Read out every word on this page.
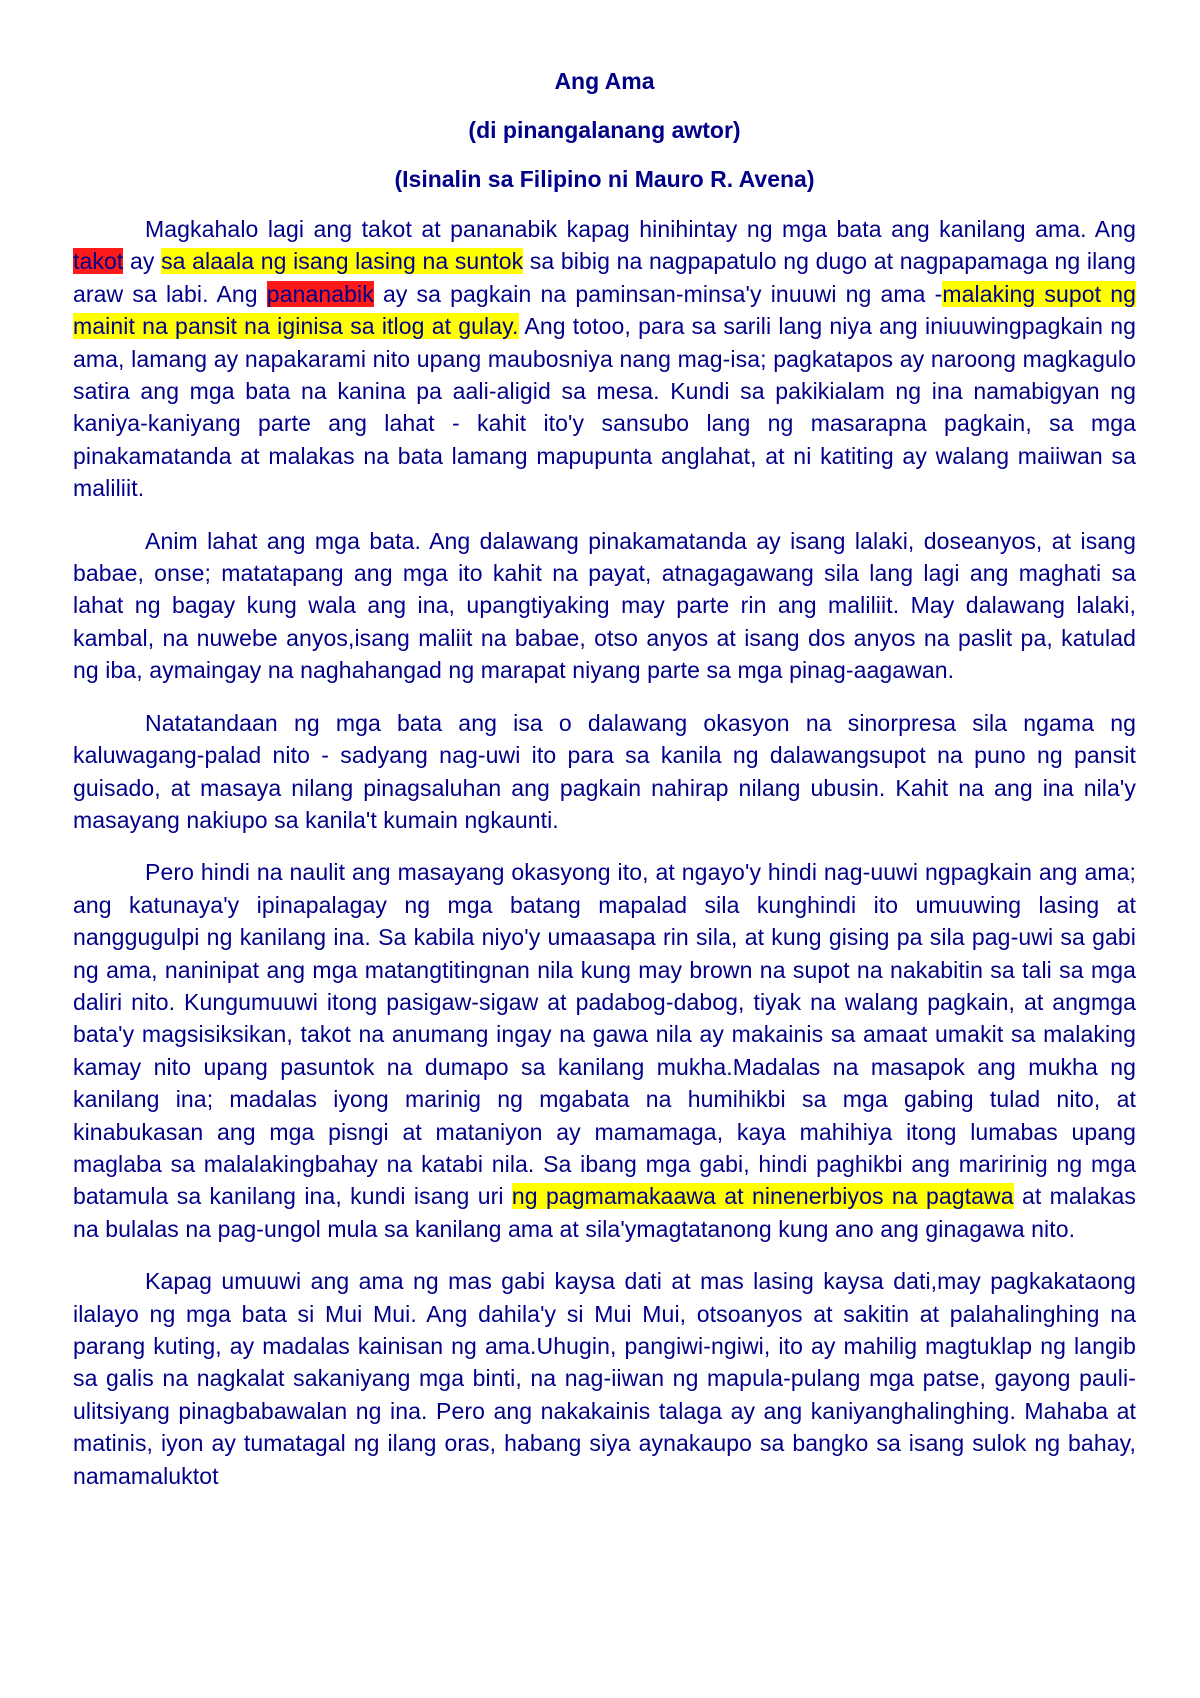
Ang Ama
(di pinangalanang awtor)
(Isinalin sa Filipino ni Mauro R. Avena)

Magkahalo lagi ang takot at pananabik kapag hinihintay ng mga bata ang kanilang ama. Ang takot ay sa alaala ng isang lasing na suntok sa bibig na nagpapatulo ng dugo at nagpapamaga ng ilang araw sa labi. Ang pananabik ay sa pagkain na paminsan-minsa'y inuuwi ng ama -malaking supot ng mainit na pansit na iginisa sa itlog at gulay. Ang totoo, para sa sarili lang niya ang iniuuwingpagkain ng ama, lamang ay napakarami nito upang maubosniya nang mag-isa; pagkatapos ay naroong magkagulo satira ang mga bata na kanina pa aali-aligid sa mesa. Kundi sa pakikialam ng ina namabigyan ng kaniya-kaniyang parte ang lahat - kahit ito'y sansubo lang ng masarapna pagkain, sa mga pinakamatanda at malakas na bata lamang mapupunta anglahat, at ni katiting ay walang maiiwan sa maliliit.

Anim lahat ang mga bata. Ang dalawang pinakamatanda ay isang lalaki, doseanyos, at isang babae, onse; matatapang ang mga ito kahit na payat, atnagagawang sila lang lagi ang maghati sa lahat ng bagay kung wala ang ina, upangtiyaking may parte rin ang maliliit. May dalawang lalaki, kambal, na nuwebe anyos,isang maliit na babae, otso anyos at isang dos anyos na paslit pa, katulad ng iba, aymaingay na naghahangad ng marapat niyang parte sa mga pinag-aagawan.

Natatandaan ng mga bata ang isa o dalawang okasyon na sinorpresa sila ngama ng kaluwagang-palad nito - sadyang nag-uwi ito para sa kanila ng dalawangsupot na puno ng pansit guisado, at masaya nilang pinagsaluhan ang pagkain nahirap nilang ubusin. Kahit na ang ina nila'y masayang nakiupo sa kanila't kumain ngkaunti.

Pero hindi na naulit ang masayang okasyong ito, at ngayo'y hindi nag-uuwi ngpagkain ang ama; ang katunaya'y ipinapalagay ng mga batang mapalad sila kunghindi ito umuuwing lasing at nanggugulpi ng kanilang ina. Sa kabila niyo'y umaasapa rin sila, at kung gising pa sila pag-uwi sa gabi ng ama, naninipat ang mga matangtitingnan nila kung may brown na supot na nakabitin sa tali sa mga daliri nito. Kungumuuwi itong pasigaw-sigaw at padabog-dabog, tiyak na walang pagkain, at angmga bata'y magsisiksikan, takot na anumang ingay na gawa nila ay makainis sa amaat umakit sa malaking kamay nito upang pasuntok na dumapo sa kanilang mukha.Madalas na masapok ang mukha ng kanilang ina; madalas iyong marinig ng mgabata na humihikbi sa mga gabing tulad nito, at kinabukasan ang mga pisngi at mataniyon ay mamamaga, kaya mahihiya itong lumabas upang maglaba sa malalakingbahay na katabi nila. Sa ibang mga gabi, hindi paghikbi ang maririnig ng mga batamula sa kanilang ina, kundi isang uri ng pagmamakaawa at ninenerbiyos na pagtawa at malakas na bulalas na pag-ungol mula sa kanilang ama at sila'ymagtatanong kung ano ang ginagawa nito.

Kapag umuuwi ang ama ng mas gabi kaysa dati at mas lasing kaysa dati,may pagkakataong ilalayo ng mga bata si Mui Mui. Ang dahila'y si Mui Mui, otsoanyos at sakitin at palahalinghing na parang kuting, ay madalas kainisan ng ama.Uhugin, pangiwi-ngiwi, ito ay mahilig magtuklap ng langib sa galis na nagkalat sakaniyang mga binti, na nag-iiwan ng mapula-pulang mga patse, gayong pauli-ulitsiyang pinagbabawalan ng ina. Pero ang nakakainis talaga ay ang kaniyanghalinghing. Mahaba at matinis, iyon ay tumatagal ng ilang oras, habang siya aynakaupo sa bangko sa isang sulok ng bahay, namamaluktot
